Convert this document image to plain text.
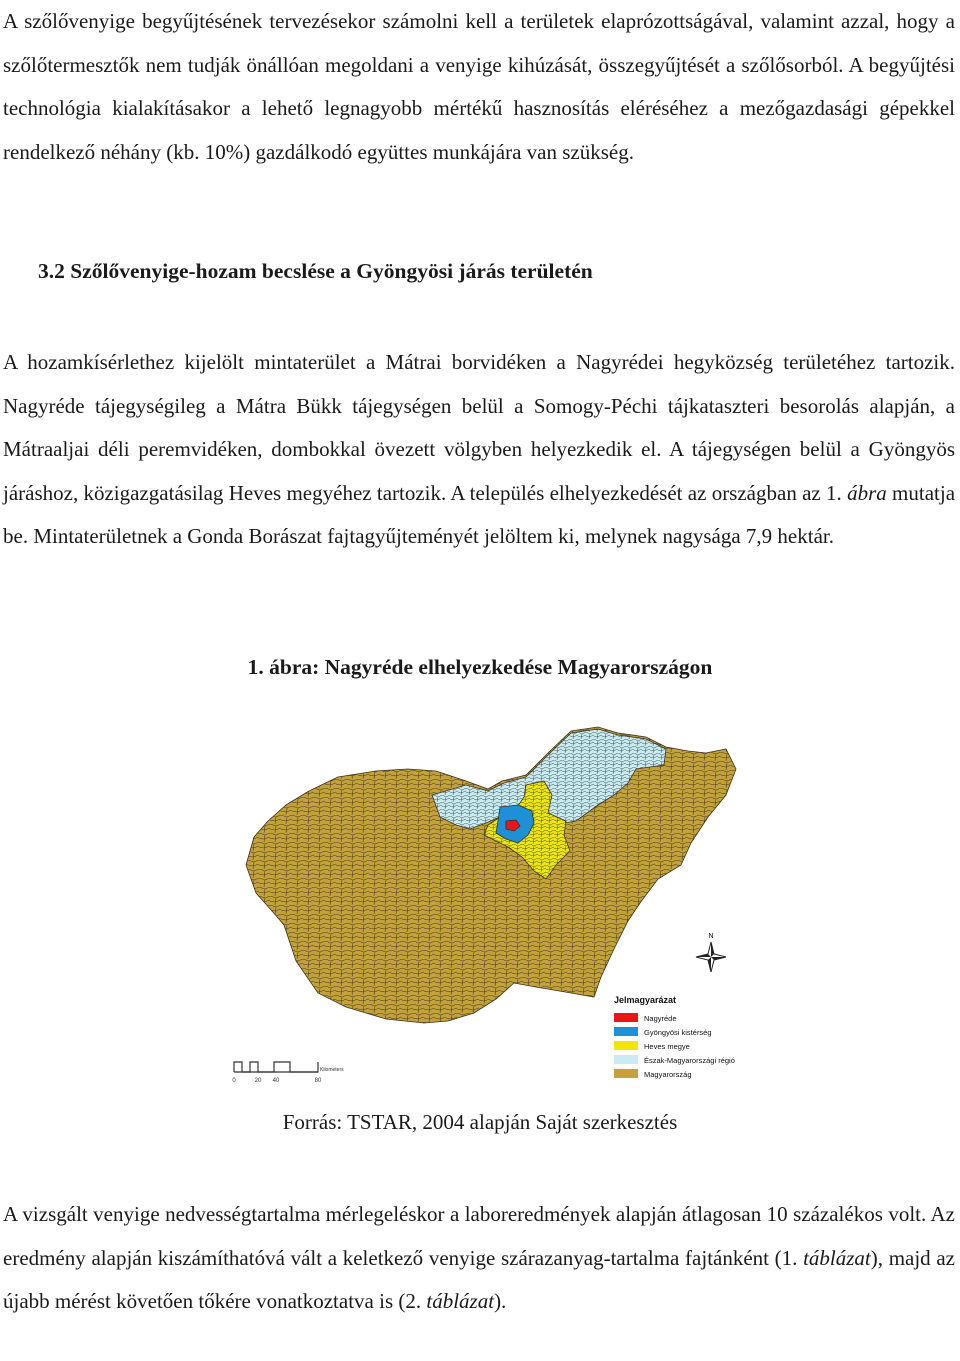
A szőlővenyige begyűjtésének tervezésekor számolni kell a területek elaprózottságával, valamint azzal, hogy a szőlőtermesztők nem tudják önállóan megoldani a venyige kihúzását, összegyűjtését a szőlősorból. A begyűjtési technológia kialakításakor a lehető legnagyobb mértékű hasznosítás eléréséhez a mezőgazdasági gépekkel rendelkező néhány (kb. 10%) gazdálkodó együttes munkájára van szükség.

3.2 Szőlővenyige-hozam becslése a Gyöngyösi járás területén

A hozamkísérlethez kijelölt mintaterület a Mátrai borvidéken a Nagyrédei hegyközség területéhez tartozik. Nagyréde tájegységileg a Mátra Bükk tájegységen belül a Somogy-Péchi tájkataszteri besorolás alapján, a Mátraaljai déli peremvidéken, dombokkal övezett völgyben helyezkedik el. A tájegységen belül a Gyöngyös járáshoz, közigazgatásilag Heves megyéhez tartozik. A település elhelyezkedését az országban az 1. ábra mutatja be. Mintaterületnek a Gonda Borászat fajtagyűjteményét jelöltem ki, melynek nagysága 7,9 hektár.

1. ábra: Nagyréde elhelyezkedése Magyarországon

N
Kilometers
0	20 40	80
Jelmagyarázat
Nagyréde
Gyöngyösi kistérség
Heves megye
Észak-Magyarországi régió
Magyarország

Forrás: TSTAR, 2004 alapján Saját szerkesztés

A vizsgált venyige nedvességtartalma mérlegeléskor a laboreredmények alapján átlagosan 10 százalékos volt. Az eredmény alapján kiszámíthatóvá vált a keletkező venyige szárazanyag-tartalma fajtánként (1. táblázat), majd az újabb mérést követően tőkére vonatkoztatva is (2. táblázat).
